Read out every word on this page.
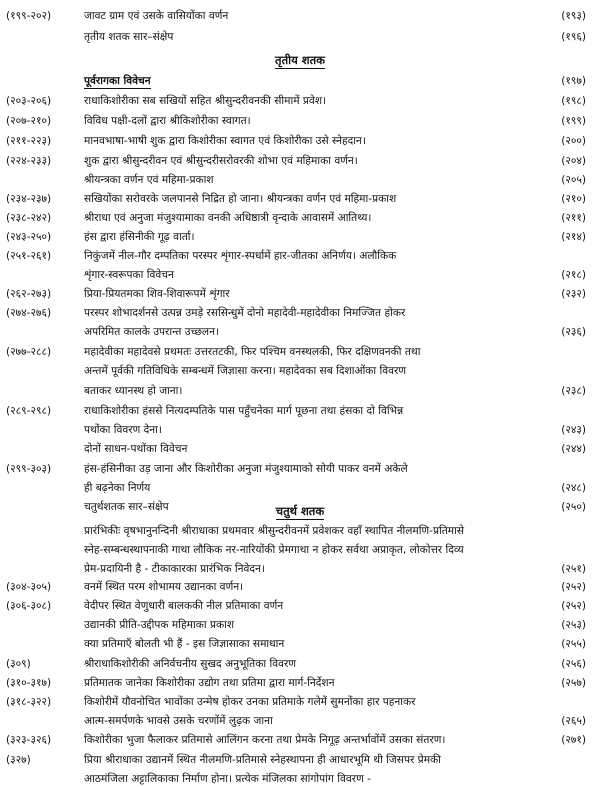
तृतीय शतक
चतुर्थ शतक
(१९९-२०२)	जावट ग्राम एवं उसके वासियोंका वर्णन	(१९३)
तृतीय शतक सार–संक्षेप	(१९६)
पूर्वरागका विवेचन	(१९७)
(२०३-२०६)	राधाकिशोरीका सब सखियों सहित श्रीसुन्दरीवनकी सीमामें प्रवेश।	(१९८)
(२०७-२१०)	विविध पक्षी-दलों द्वारा श्रीकिशोरीका स्वागत।	(१९९)
(२११-२२३)	मानवभाषा-भाषी शुक द्वारा किशोरीका स्वागत एवं किशोरीका उसे स्नेहदान।	(२००)
(२२४-२३३)	शुक द्वारा श्रीसुन्दरीवन एवं श्रीसुन्दरीसरोवरकी शोभा एवं महिमाका वर्णन।	(२०४)
श्रीयन्त्रका वर्णन एवं महिमा-प्रकाश	(२०५)
(२३४-२३७)	सखियोंका सरोवरके जलपानसे निद्रित हो जाना। श्रीयन्त्रका वर्णन एवं महिमा-प्रकाश	(२१०)
(२३८-२४२)	श्रीराधा एवं अनुजा मंजुश्यामाका वनकी अधिष्ठात्री वृन्दाके आवासमें आतिथ्य।	(२११)
(२४३-२५०)	हंस द्वारा हंसिनीकी गूढ़ वार्ता।	(२१४)
(२५१-२६१)	निकुंजमें नील-गौर दम्पतिका परस्पर शृंगार-स्पर्धामें हार-जीतका अनिर्णय। अलौकिक
शृंगार-स्वरूपका विवेचन	(२१८)
(२६२-२७३)	प्रिया-प्रियतमका शिव-शिवारूपमें शृंगार	(२३२)
(२७४-२७६)	परस्पर शोभादर्शनसे उत्पन्न उमड़े रससिन्धुमें दोनो महादेवी-महादेवीका निमज्जित होकर
अपरिमित कालके उपरान्त उच्छलन।	(२३६)
(२७७-२८८)	महादेवीका महादेवसे प्रथमतः उत्तरतटकी, फिर पश्चिम वनस्थलकी, फिर दक्षिणवनकी तथा
अन्तमें पूर्वकी गतिविधिके सम्बन्धमें जिज्ञासा करना। महादेवका सब दिशाओंका विवरण
बताकर ध्यानस्थ हो जाना।	(२३८)
(२८९-२९८)	राधाकिशोरीका हंससे नित्यदम्पतिके पास पहुँचनेका मार्ग पूछना तथा हंसका दो विभिन्न
पथोंका विवरण देना।	(२४३)
दोनों साधन-पथोंका विवेचन	(२४४)
(२९९-३०३)	हंस-हंसिनीका उड़ जाना और किशोरीका अनुजा मंजुश्यामाको सोयी पाकर वनमें अकेले
ही बढ़नेका निर्णय	(२४८)
चतुर्थशतक सार–संक्षेप	(२५०)
प्रारंभिकीः वृषभानुनन्दिनी श्रीराधाका प्रथमवार श्रीसुन्दरीवनमें प्रवेशकर वहाँ स्थापित नीलमणि-प्रतिमासे
स्नेह-सम्बन्धस्थापनाकी गाथा लौकिक नर-नारियोंकी प्रेमगाथा न होकर सर्वथा अप्राकृत, लोकोत्तर दिव्य
प्रेम-प्रदायिनी है - टीकाकारका प्रारंभिक निवेदन।	(२५१)
(३०४-३०५)	वनमें स्थित परम शोभामय उद्यानका वर्णन।	(२५२)
(३०६-३०८)	वेदीपर स्थित वेणुधारी बालककी नील प्रतिमाका वर्णन	(२५२)
उद्यानकी प्रीति-उद्दीपक महिमाका प्रकाश	(२५३)
क्या प्रतिमाएँ बोलती भी हैं - इस जिज्ञासाका समाधान	(२५५)
(३०९)	श्रीराधाकिशोरीकी अनिर्वचनीय सुखद अनुभूतिका विवरण	(२५६)
(३१०-३१७)	प्रतिमातक जानेका किशोरीका उद्योग तथा प्रतिमा द्वारा मार्ग-निर्देशन	(२५७)
(३१८-३२२)	किशोरीमें यौवनोचित भावोंका उन्मेष होकर उनका प्रतिमाके गलेमें सुमनोंका हार पहनाकर
आत्म-समर्पणके भावसे उसके चरणोंमें लुढ़क जाना	(२६५)
(३२३-३२६)	किशोरीका भुजा फैलाकर प्रतिमासे आलिंगन करना तथा प्रेमके निगूढ़ अन्तर्भावोंमें उसका संतरण।	(२७१)
(३२७)	प्रिया श्रीराधाका उद्यानमें स्थित नीलमणि-प्रतिमासे स्नेहस्थापना ही आधारभूमि थी जिसपर प्रेमकी
आठमंजिला अट्टालिकाका निर्माण होना। प्रत्येक मंजिलका सांगोपांग विवरण -
